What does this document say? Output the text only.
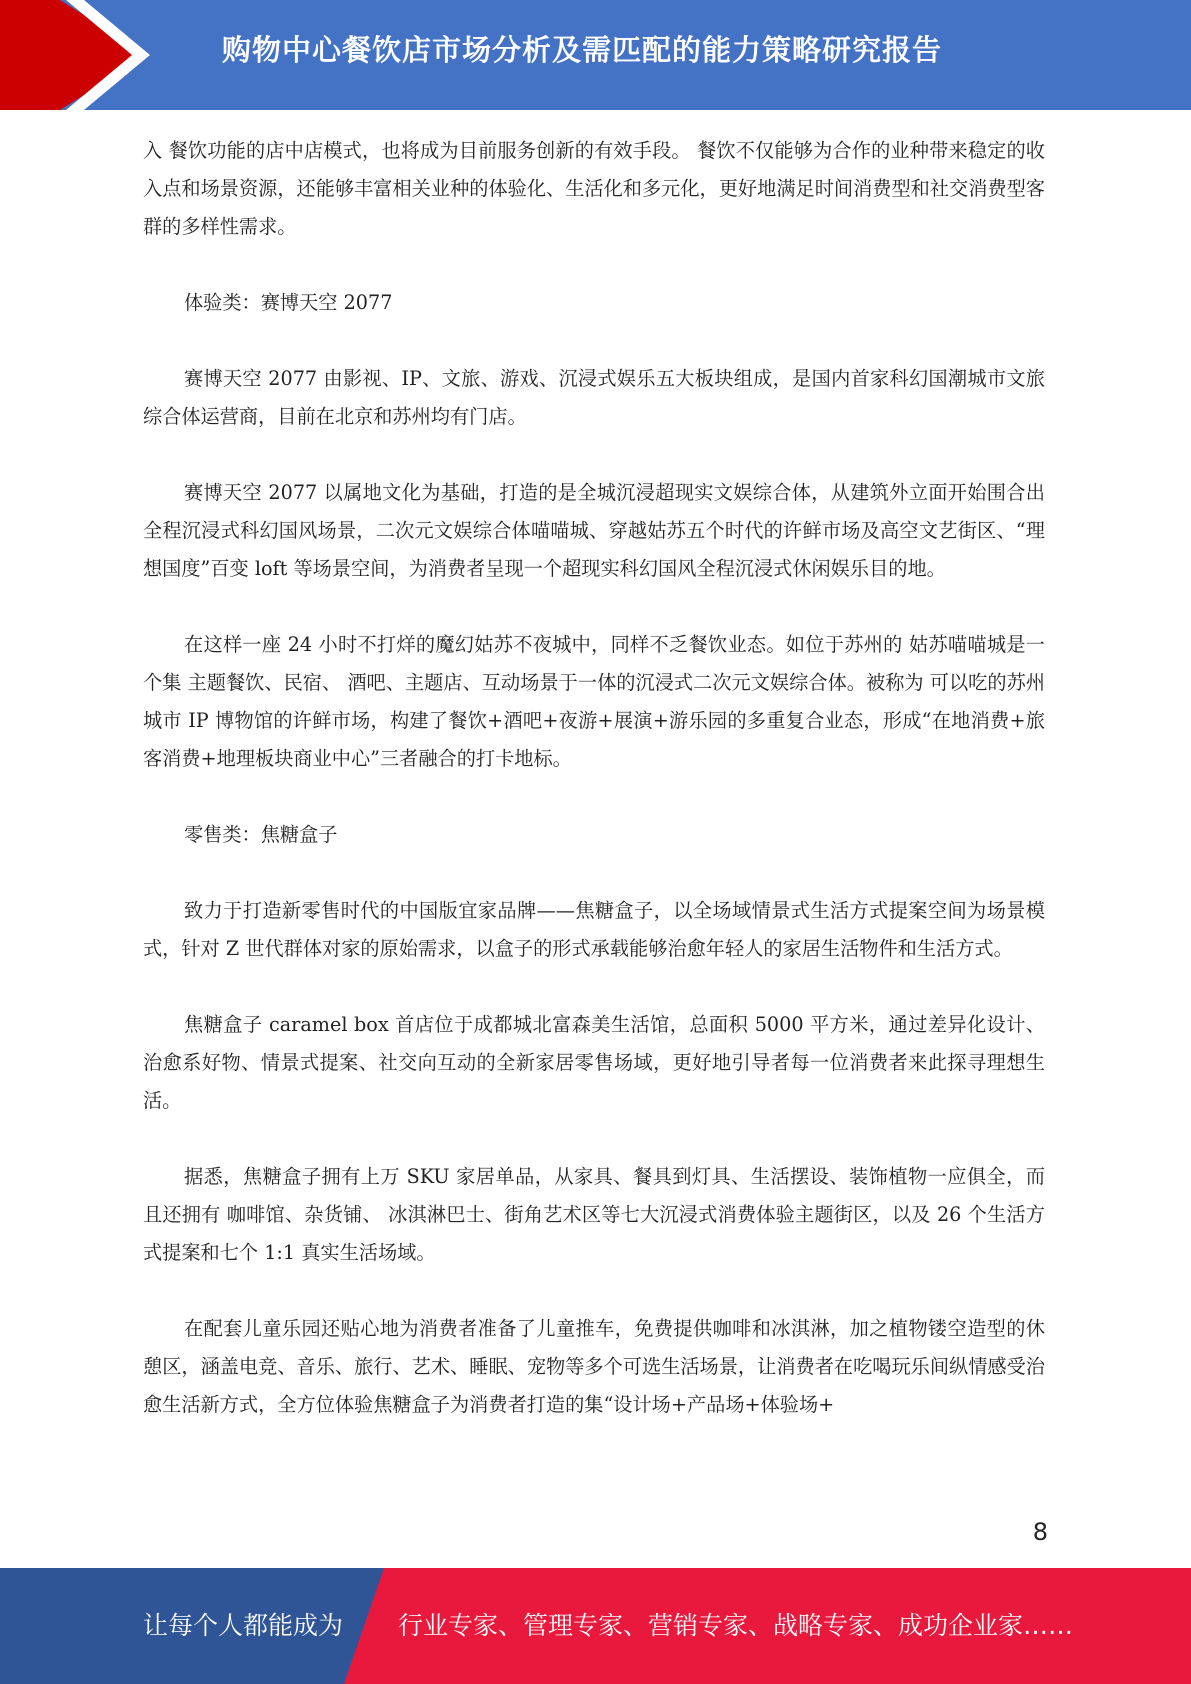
购物中心餐饮店市场分析及需匹配的能力策略研究报告

入 餐饮功能的店中店模式，也将成为目前服务创新的有效手段。 餐饮不仅能够为合作的业种带来稳定的收入点和场景资源，还能够丰富相关业种的体验化、生活化和多元化，更好地满足时间消费型和社交消费型客群的多样性需求。

体验类：赛博天空 2077

赛博天空 2077 由影视、IP、文旅、游戏、沉浸式娱乐五大板块组成，是国内首家科幻国潮城市文旅综合体运营商，目前在北京和苏州均有门店。

赛博天空 2077 以属地文化为基础，打造的是全城沉浸超现实文娱综合体，从建筑外立面开始围合出全程沉浸式科幻国风场景，二次元文娱综合体喵喵城、穿越姑苏五个时代的许鲜市场及高空文艺街区、“理想国度”百变 loft 等场景空间，为消费者呈现一个超现实科幻国风全程沉浸式休闲娱乐目的地。

在这样一座 24 小时不打烊的魔幻姑苏不夜城中，同样不乏餐饮业态。如位于苏州的 姑苏喵喵城是一个集 主题餐饮、民宿、 酒吧、主题店、互动场景于一体的沉浸式二次元文娱综合体。被称为 可以吃的苏州城市 IP 博物馆的许鲜市场，构建了餐饮+酒吧+夜游+展演+游乐园的多重复合业态，形成“在地消费+旅客消费+地理板块商业中心”三者融合的打卡地标。

零售类：焦糖盒子

致力于打造新零售时代的中国版宜家品牌——焦糖盒子，以全场域情景式生活方式提案空间为场景模式，针对 Z 世代群体对家的原始需求，以盒子的形式承载能够治愈年轻人的家居生活物件和生活方式。

焦糖盒子 caramel box 首店位于成都城北富森美生活馆，总面积 5000 平方米，通过差异化设计、治愈系好物、情景式提案、社交向互动的全新家居零售场域，更好地引导者每一位消费者来此探寻理想生活。

据悉，焦糖盒子拥有上万 SKU 家居单品，从家具、餐具到灯具、生活摆设、装饰植物一应俱全，而且还拥有 咖啡馆、杂货铺、 冰淇淋巴士、街角艺术区等七大沉浸式消费体验主题街区，以及 26 个生活方式提案和七个 1:1 真实生活场域。

在配套儿童乐园还贴心地为消费者准备了儿童推车，免费提供咖啡和冰淇淋，加之植物镂空造型的休憩区，涵盖电竞、音乐、旅行、艺术、睡眠、宠物等多个可选生活场景，让消费者在吃喝玩乐间纵情感受治愈生活新方式，全方位体验焦糖盒子为消费者打造的集“设计场+产品场+体验场+

8
让每个人都能成为 行业专家、管理专家、营销专家、战略专家、成功企业家……
